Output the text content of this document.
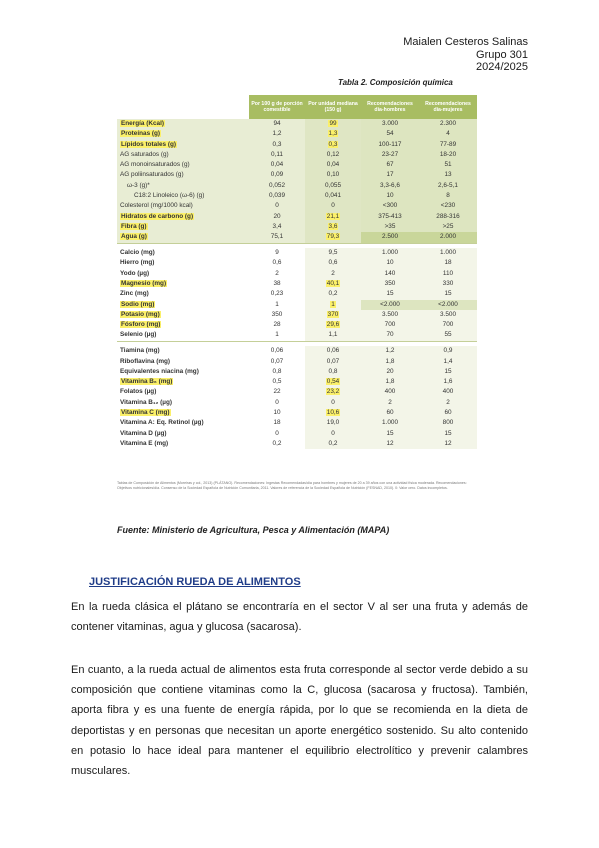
Maialen Cesteros Salinas
Grupo 301
2024/2025
Tabla 2. Composición química
	Por 100 g de porción comestible	Por unidad mediana (150 g)	Recomendaciones día-hombres	Recomendaciones día-mujeres
Energía (Kcal)	94	99	3.000	2.300
Proteínas (g)	1,2	1,3	54	4
Lípidos totales (g)	0,3	0,3	100-117	77-89
AG saturados (g)	0,11	0,12	23-27	18-20
AG monoinsaturados (g)	0,04	0,04	67	51
AG poliinsaturados (g)	0,09	0,10	17	13
ω-3 (g)*	0,052	0,055	3,3-6,6	2,6-5,1
C18:2 Linoleico (ω-6) (g)	0,039	0,041	10	8
Colesterol (mg/1000 kcal)	0	0	<300	<230
Hidratos de carbono (g)	20	21,1	375-413	288-316
Fibra (g)	3,4	3,6	>35	>25
Agua (g)	75,1	79,3	2.500	2.000

Calcio (mg)	9	9,5	1.000	1.000
Hierro (mg)	0,6	0,6	10	18
Yodo (µg)	2	2	140	110
Magnesio (mg)	38	40,1	350	330
Zinc (mg)	0,23	0,2	15	15
Sodio (mg)	1	1	<2.000	<2.000
Potasio (mg)	350	370	3.500	3.500
Fósforo (mg)	28	29,6	700	700
Selenio (µg)	1	1,1	70	55

Tiamina (mg)	0,06	0,06	1,2	0,9
Riboflavina (mg)	0,07	0,07	1,8	1,4
Equivalentes niacina (mg)	0,8	0,8	20	15
Vitamina B₆ (mg)	0,5	0,54	1,8	1,6
Folatos (µg)	22	23,2	400	400
Vitamina B₁₂ (µg)	0	0	2	2
Vitamina C (mg)	10	10,6	60	60
Vitamina A: Eq. Retinol (µg)	18	19,0	1.000	800
Vitamina D (µg)	0	0	15	15
Vitamina E (mg)	0,2	0,2	12	12
Tablas de Composición de Alimentos (Moreiras y col., 2013) (PLÁTANO). Recomendaciones: Ingestas Recomendadas/día para hombres y mujeres de 20 a 39 años con una actividad física moderada. Recomendaciones: Objetivos nutricionales/día. Consenso de la Sociedad Española de Nutrición Comunitaria, 2011. Valores de referencia de la Sociedad Española de Nutrición (FESNAD, 2010). 0: Valor cero. Datos incompletos.
Fuente: Ministerio de Agricultura, Pesca y Alimentación (MAPA)
JUSTIFICACIÓN RUEDA DE ALIMENTOS
En la rueda clásica el plátano se encontraría en el sector V al ser una fruta y además de contener vitaminas, agua y glucosa (sacarosa).
En cuanto, a la rueda actual de alimentos esta fruta corresponde al sector verde debido a su composición que contiene vitaminas como la C, glucosa (sacarosa y fructosa). También, aporta fibra y es una fuente de energía rápida, por lo que se recomienda en la dieta de deportistas y en personas que necesitan un aporte energético sostenido. Su alto contenido en potasio lo hace ideal para mantener el equilibrio electrolítico y prevenir calambres musculares.
